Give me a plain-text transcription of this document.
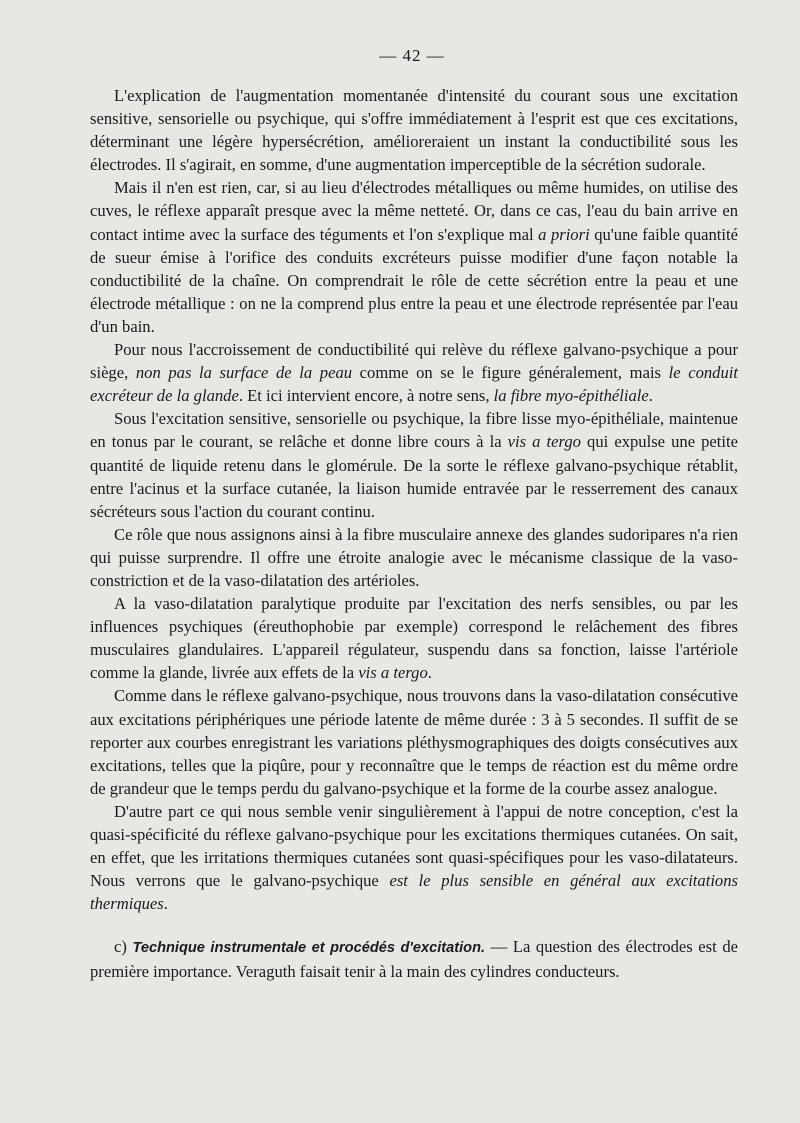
— 42 —

L'explication de l'augmentation momentanée d'intensité du courant sous une excitation sensitive, sensorielle ou psychique, qui s'offre immédiatement à l'esprit est que ces excitations, déterminant une légère hypersécrétion, amélioreraient un instant la conductibilité sous les électrodes. Il s'agirait, en somme, d'une augmentation imperceptible de la sécrétion sudorale.

Mais il n'en est rien, car, si au lieu d'électrodes métalliques ou même humides, on utilise des cuves, le réflexe apparaît presque avec la même netteté. Or, dans ce cas, l'eau du bain arrive en contact intime avec la surface des téguments et l'on s'explique mal a priori qu'une faible quantité de sueur émise à l'orifice des conduits excréteurs puisse modifier d'une façon notable la conductibilité de la chaîne. On comprendrait le rôle de cette sécrétion entre la peau et une électrode métallique : on ne la comprend plus entre la peau et une électrode représentée par l'eau d'un bain.

Pour nous l'accroissement de conductibilité qui relève du réflexe galvano-psychique a pour siège, non pas la surface de la peau comme on se le figure généralement, mais le conduit excréteur de la glande. Et ici intervient encore, à notre sens, la fibre myo-épithéliale.

Sous l'excitation sensitive, sensorielle ou psychique, la fibre lisse myo-épithéliale, maintenue en tonus par le courant, se relâche et donne libre cours à la vis a tergo qui expulse une petite quantité de liquide retenu dans le glomérule. De la sorte le réflexe galvano-psychique rétablit, entre l'acinus et la surface cutanée, la liaison humide entravée par le resserrement des canaux sécréteurs sous l'action du courant continu.

Ce rôle que nous assignons ainsi à la fibre musculaire annexe des glandes sudoripares n'a rien qui puisse surprendre. Il offre une étroite analogie avec le mécanisme classique de la vaso-constriction et de la vaso-dilatation des artérioles.

A la vaso-dilatation paralytique produite par l'excitation des nerfs sensibles, ou par les influences psychiques (éreuthophobie par exemple) correspond le relâchement des fibres musculaires glandulaires. L'appareil régulateur, suspendu dans sa fonction, laisse l'artériole comme la glande, livrée aux effets de la vis a tergo.

Comme dans le réflexe galvano-psychique, nous trouvons dans la vaso-dilatation consécutive aux excitations périphériques une période latente de même durée : 3 à 5 secondes. Il suffit de se reporter aux courbes enregistrant les variations pléthysmographiques des doigts consécutives aux excitations, telles que la piqûre, pour y reconnaître que le temps de réaction est du même ordre de grandeur que le temps perdu du galvano-psychique et la forme de la courbe assez analogue.

D'autre part ce qui nous semble venir singulièrement à l'appui de notre conception, c'est la quasi-spécificité du réflexe galvano-psychique pour les excitations thermiques cutanées. On sait, en effet, que les irritations thermiques cutanées sont quasi-spécifiques pour les vaso-dilatateurs. Nous verrons que le galvano-psychique est le plus sensible en général aux excitations thermiques.

c) Technique instrumentale et procédés d'excitation. — La question des électrodes est de première importance. Veraguth faisait tenir à la main des cylindres conducteurs.
